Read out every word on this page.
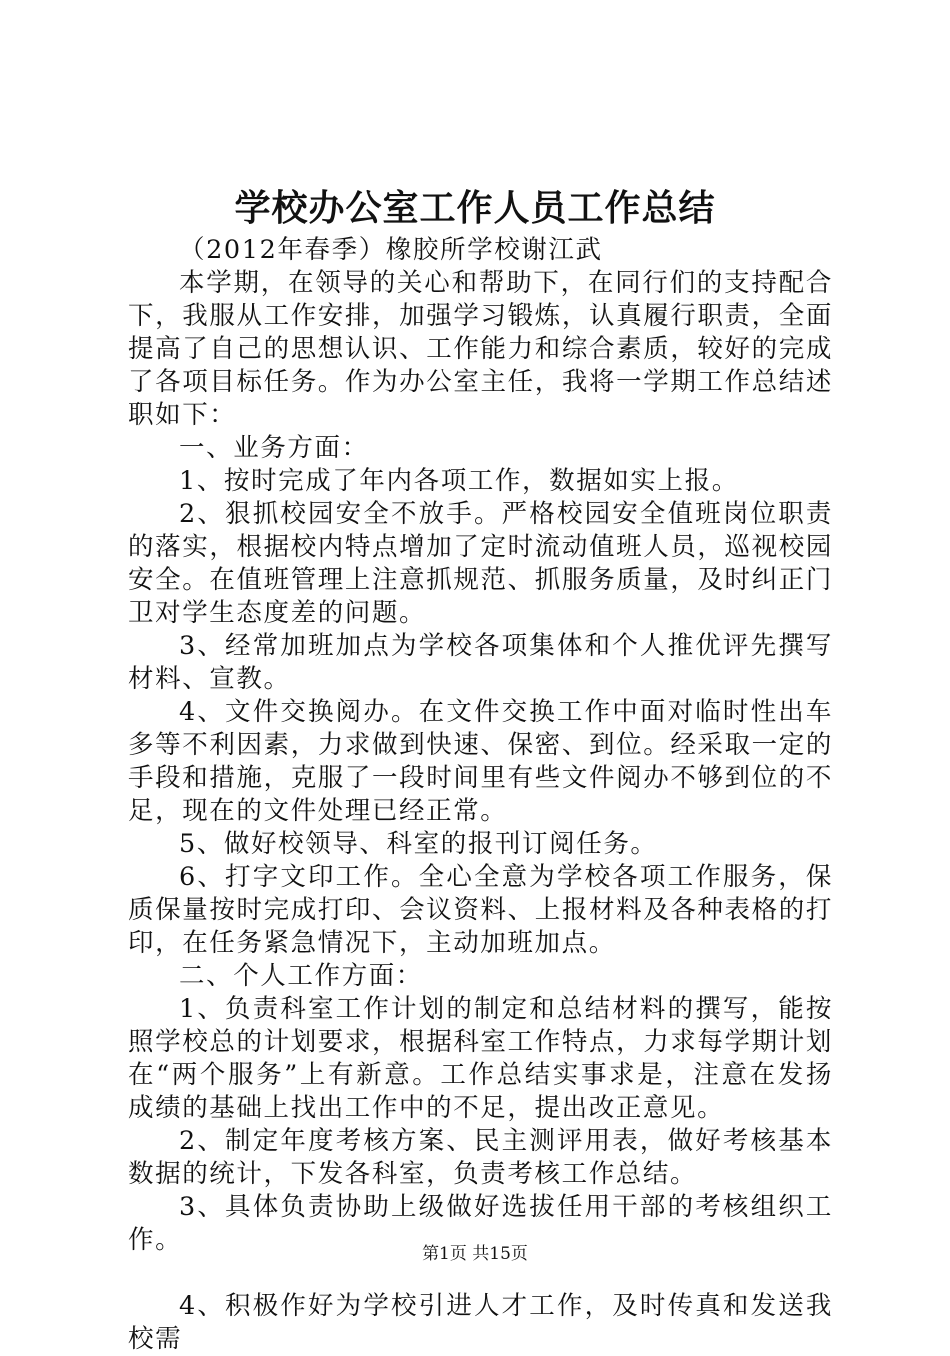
学校办公室工作人员工作总结

（2012年春季）橡胶所学校谢江武

本学期，在领导的关心和帮助下，在同行们的支持配合下，我服从工作安排，加强学习锻炼，认真履行职责，全面提高了自己的思想认识、工作能力和综合素质，较好的完成了各项目标任务。作为办公室主任，我将一学期工作总结述职如下：

一、业务方面：

1、按时完成了年内各项工作，数据如实上报。

2、狠抓校园安全不放手。严格校园安全值班岗位职责的落实，根据校内特点增加了定时流动值班人员，巡视校园安全。在值班管理上注意抓规范、抓服务质量，及时纠正门卫对学生态度差的问题。

3、经常加班加点为学校各项集体和个人推优评先撰写材料、宣教。

4、文件交换阅办。在文件交换工作中面对临时性出车多等不利因素，力求做到快速、保密、到位。经采取一定的手段和措施，克服了一段时间里有些文件阅办不够到位的不足，现在的文件处理已经正常。

5、做好校领导、科室的报刊订阅任务。

6、打字文印工作。全心全意为学校各项工作服务，保质保量按时完成打印、会议资料、上报材料及各种表格的打印，在任务紧急情况下，主动加班加点。

二、个人工作方面：

1、负责科室工作计划的制定和总结材料的撰写，能按照学校总的计划要求，根据科室工作特点，力求每学期计划在“两个服务”上有新意。工作总结实事求是，注意在发扬成绩的基础上找出工作中的不足，提出改正意见。

2、制定年度考核方案、民主测评用表，做好考核基本数据的统计，下发各科室，负责考核工作总结。

3、具体负责协助上级做好选拔任用干部的考核组织工作。

4、积极作好为学校引进人才工作，及时传真和发送我校需

第1页 共15页
